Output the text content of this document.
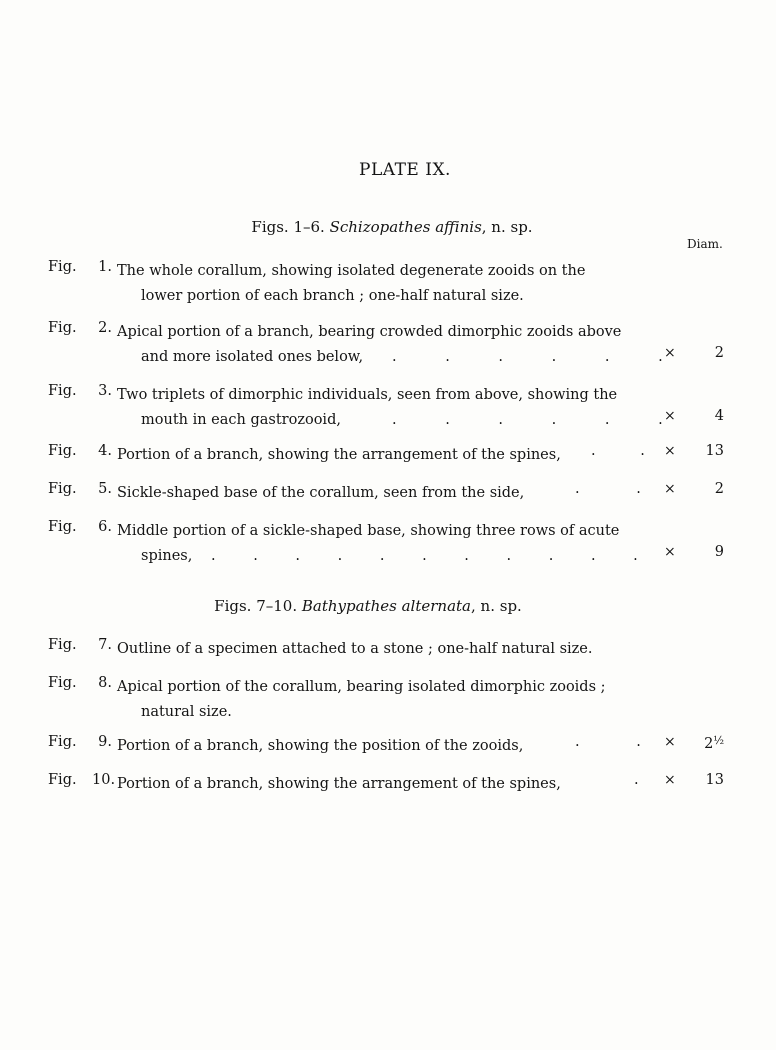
PLATE IX.
Figs. 1–6. Schizopathes affinis, n. sp.
Diam.
Fig.	1. The whole corallum, showing isolated degenerate zooids on the
lower portion of each branch ; one-half natural size.
Fig.	2. Apical portion of a branch, bearing crowded dimorphic zooids above
and more isolated ones below, . . . . . . ×	2
Fig.	3. Two triplets of dimorphic individuals, seen from above, showing the
mouth in each gastrozooid,	. . . . . . ×	4
Fig.	4. Portion of a branch, showing the arrangement of the spines,	. . ×	13
Fig.	5. Sickle-shaped base of the corallum, seen from the side,	. . ×	2
Fig.	6. Middle portion of a sickle-shaped base, showing three rows of acute
spines, . . . . . . . . . . . ×	9
Figs. 7–10. Bathypathes alternata, n. sp.
Fig.	7. Outline of a specimen attached to a stone ; one-half natural size.
Fig.	8. Apical portion of the corallum, bearing isolated dimorphic zooids ;
natural size.
Fig.	9. Portion of a branch, showing the position of the zooids,	. . ×	$2^{\frac{1}{2}}$
Fig. 10. Portion of a branch, showing the arrangement of the spines,	. ×	13
